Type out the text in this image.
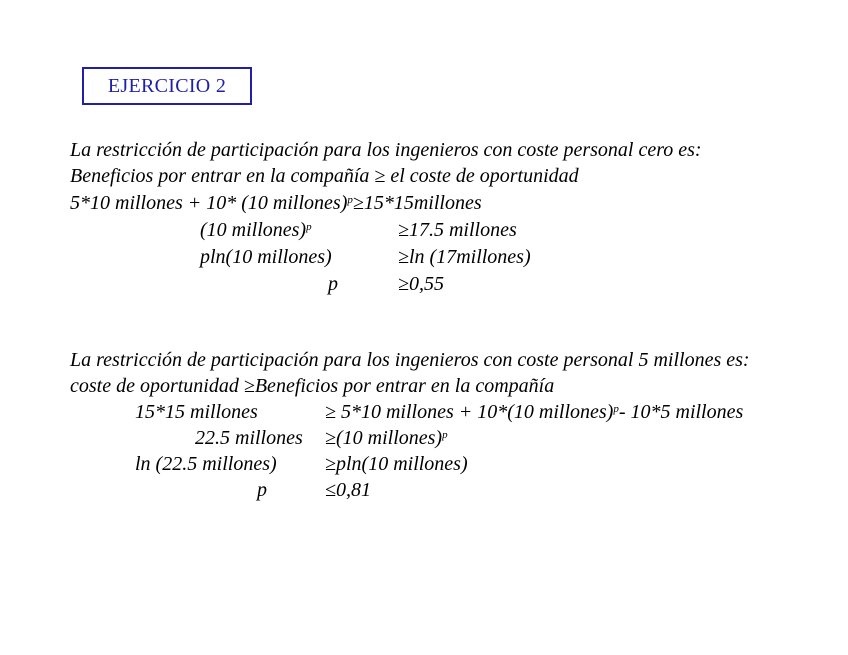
EJERCICIO 2
La restricción de participación para los ingenieros con coste personal cero es:
Beneficios por entrar en la compañía ≥ el coste de oportunidad
5*10 millones + 10* (10 millones)$^p$≥15*15millones
(10 millones)$^p$	≥17.5 millones
pln(10 millones)	≥ln (17millones)
p	≥0,55
La restricción de participación para los ingenieros con coste personal 5 millones es:
coste de oportunidad ≥Beneficios por entrar en la compañía
15*15 millones	≥ 5*10 millones + 10*(10 millones)$^p$- 10*5 millones
22.5 millones ≥(10 millones)$^p$
ln (22.5 millones) ≥pln(10 millones)
p	≤0,81
